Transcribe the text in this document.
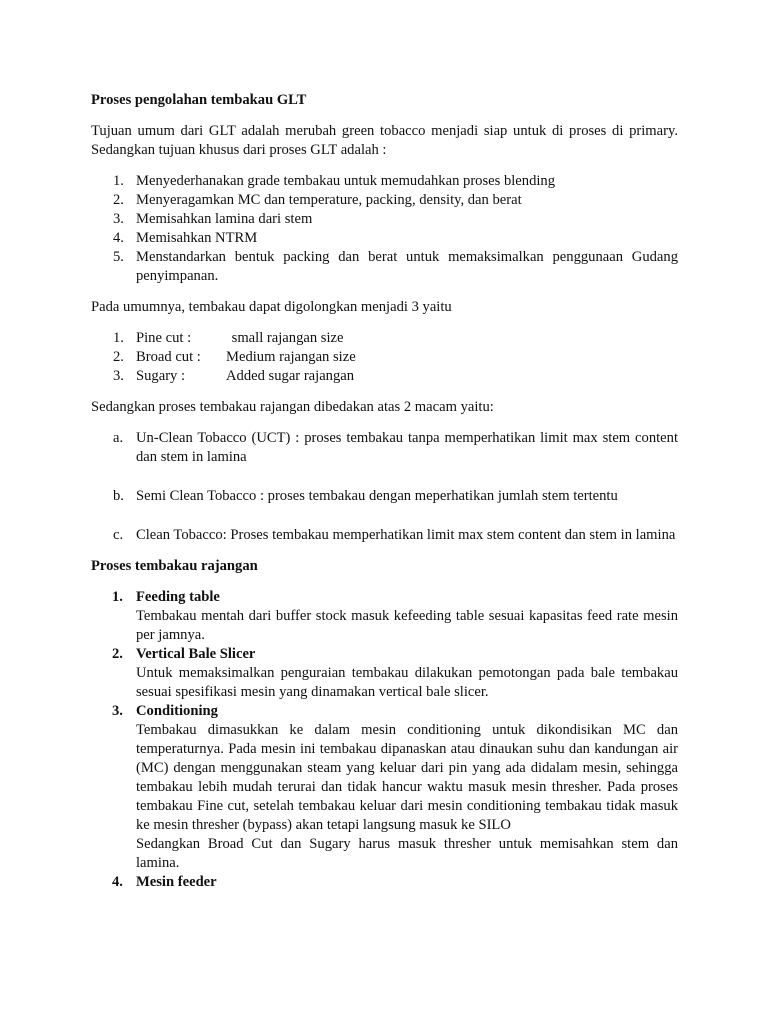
Proses pengolahan tembakau GLT

Tujuan umum dari GLT adalah merubah green tobacco menjadi siap untuk di proses di primary. Sedangkan tujuan khusus dari proses GLT adalah :

1. Menyederhanakan grade tembakau untuk memudahkan proses blending
2. Menyeragamkan MC dan temperature, packing, density, dan berat
3. Memisahkan lamina dari stem
4. Memisahkan NTRM
5. Menstandarkan bentuk packing dan berat untuk memaksimalkan penggunaan Gudang penyimpanan.

Pada umumnya, tembakau dapat digolongkan menjadi 3 yaitu

1. Pine cut :	small rajangan size
2. Broad cut : Medium rajangan size
3. Sugary :	Added sugar rajangan

Sedangkan proses tembakau rajangan dibedakan atas 2 macam yaitu:

a. Un-Clean Tobacco (UCT) : proses tembakau tanpa memperhatikan limit max stem content dan stem in lamina
b. Semi Clean Tobacco : proses tembakau dengan meperhatikan jumlah stem tertentu
c. Clean Tobacco: Proses tembakau memperhatikan limit max stem content dan stem in lamina
Proses tembakau rajangan
1. Feeding table
Tembakau mentah dari buffer stock masuk kefeeding table sesuai kapasitas feed rate mesin per jamnya.
2. Vertical Bale Slicer
Untuk memaksimalkan penguraian tembakau dilakukan pemotongan pada bale tembakau sesuai spesifikasi mesin yang dinamakan vertical bale slicer.
3. Conditioning
Tembakau dimasukkan ke dalam mesin conditioning untuk dikondisikan MC dan temperaturnya. Pada mesin ini tembakau dipanaskan atau dinaukan suhu dan kandungan air (MC) dengan menggunakan steam yang keluar dari pin yang ada didalam mesin, sehingga tembakau lebih mudah terurai dan tidak hancur waktu masuk mesin thresher. Pada proses tembakau Fine cut, setelah tembakau keluar dari mesin conditioning tembakau tidak masuk ke mesin thresher (bypass) akan tetapi langsung masuk ke SILO
Sedangkan Broad Cut dan Sugary harus masuk thresher untuk memisahkan stem dan lamina.
4. Mesin feeder
